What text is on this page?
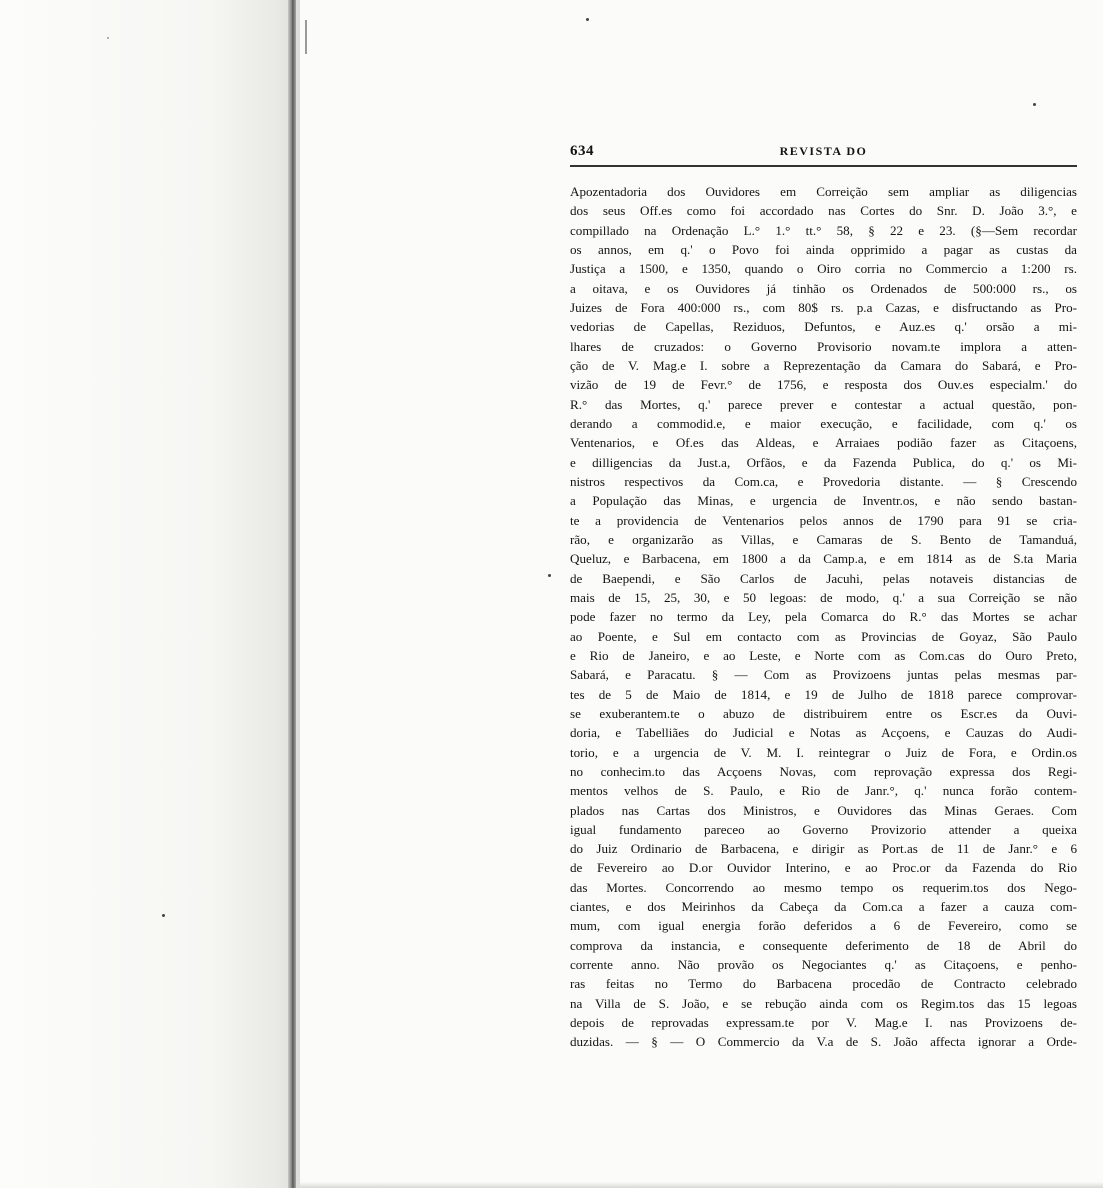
634	REVISTA DO
Apozentadoria dos Ouvidores em Correição sem ampliar as diligencias
dos seus Off.es como foi accordado nas Cortes do Snr. D. João 3.°, e
compillado na Ordenação L.° 1.° tt.° 58, § 22 e 23. (§—Sem recordar
os annos, em q.' o Povo foi ainda opprimido a pagar as custas da
Justiça a 1500, e 1350, quando o Oiro corria no Commercio a 1:200 rs.
a oitava, e os Ouvidores já tinhão os Ordenados de 500:000 rs., os
Juizes de Fora 400:000 rs., com 80$ rs. p.a Cazas, e disfructando as Pro-
vedorias de Capellas, Reziduos, Defuntos, e Auz.es q.' orsão a mi-
lhares de cruzados: o Governo Provisorio novam.te implora a atten-
ção de V. Mag.e I. sobre a Reprezentação da Camara do Sabará, e Pro-
vizão de 19 de Fevr.° de 1756, e resposta dos Ouv.es especialm.' do
R.° das Mortes, q.' parece prever e contestar a actual questão, pon-
derando a commodid.e, e maior execução, e facilidade, com q.' os
Ventenarios, e Of.es das Aldeas, e Arraiaes podião fazer as Citaçoens,
e dilligencias da Just.a, Orfãos, e da Fazenda Publica, do q.' os Mi-
nistros respectivos da Com.ca, e Provedoria distante. — § Crescendo
a População das Minas, e urgencia de Inventr.os, e não sendo bastan-
te a providencia de Ventenarios pelos annos de 1790 para 91 se cria-
rão, e organizarão as Villas, e Camaras de S. Bento de Tamanduá,
Queluz, e Barbacena, em 1800 a da Camp.a, e em 1814 as de S.ta Maria
de Baependi, e São Carlos de Jacuhi, pelas notaveis distancias de
mais de 15, 25, 30, e 50 legoas: de modo, q.' a sua Correição se não
pode fazer no termo da Ley, pela Comarca do R.° das Mortes se achar
ao Poente, e Sul em contacto com as Provincias de Goyaz, São Paulo
e Rio de Janeiro, e ao Leste, e Norte com as Com.cas do Ouro Preto,
Sabará, e Paracatu. § — Com as Provizoens juntas pelas mesmas par-
tes de 5 de Maio de 1814, e 19 de Julho de 1818 parece comprovar-
se exuberantem.te o abuzo de distribuirem entre os Escr.es da Ouvi-
doria, e Tabelliães do Judicial e Notas as Acçoens, e Cauzas do Audi-
torio, e a urgencia de V. M. I. reintegrar o Juiz de Fora, e Ordin.os
no conhecim.to das Acçoens Novas, com reprovação expressa dos Regi-
mentos velhos de S. Paulo, e Rio de Janr.°, q.' nunca forão contem-
plados nas Cartas dos Ministros, e Ouvidores das Minas Geraes. Com
igual fundamento pareceo ao Governo Provizorio attender a queixa
do Juiz Ordinario de Barbacena, e dirigir as Port.as de 11 de Janr.° e 6
de Fevereiro ao D.or Ouvidor Interino, e ao Proc.or da Fazenda do Rio
das Mortes. Concorrendo ao mesmo tempo os requerim.tos dos Nego-
ciantes, e dos Meirinhos da Cabeça da Com.ca a fazer a cauza com-
mum, com igual energia forão deferidos a 6 de Fevereiro, como se
comprova da instancia, e consequente deferimento de 18 de Abril do
corrente anno. Não provão os Negociantes q.' as Citaçoens, e penho-
ras feitas no Termo do Barbacena procedão de Contracto celebrado
na Villa de S. João, e se rebução ainda com os Regim.tos das 15 legoas
depois de reprovadas expressam.te por V. Mag.e I. nas Provizoens de-
duzidas. — § — O Commercio da V.a de S. João affecta ignorar a Orde-
